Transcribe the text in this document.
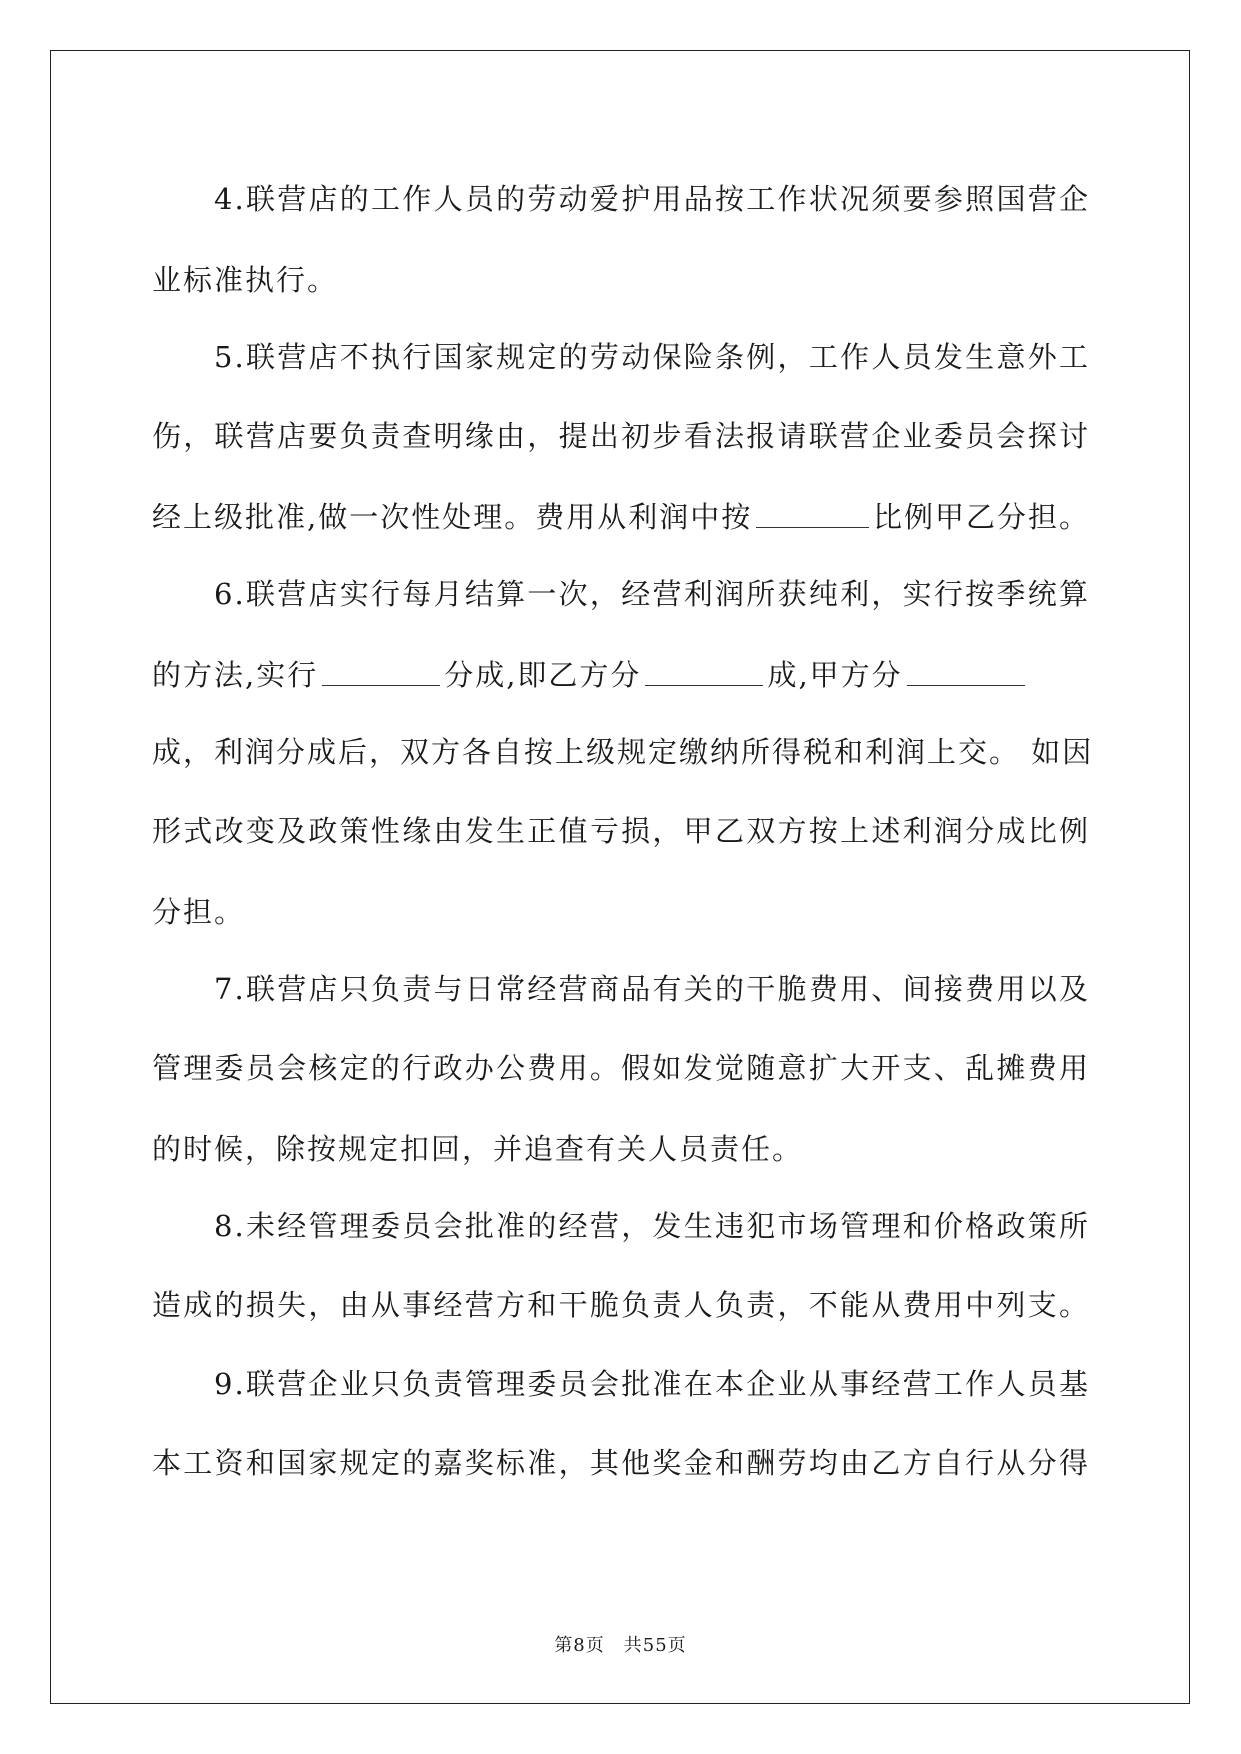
4.联营店的工作人员的劳动爱护用品按工作状况须要参照国营企
业标准执行。
5.联营店不执行国家规定的劳动保险条例，工作人员发生意外工
伤，联营店要负责查明缘由，提出初步看法报请联营企业委员会探讨
经上级批准,做一次性处理。费用从利润中按	比例甲乙分担。
6.联营店实行每月结算一次，经营利润所获纯利，实行按季统算
的方法,实行	分成,即乙方分	成,甲方分
成，利润分成后，双方各自按上级规定缴纳所得税和利润上交。 如因
形式改变及政策性缘由发生正值亏损，甲乙双方按上述利润分成比例
分担。
7.联营店只负责与日常经营商品有关的干脆费用、间接费用以及
管理委员会核定的行政办公费用。假如发觉随意扩大开支、乱摊费用
的时候，除按规定扣回，并追查有关人员责任。
8.未经管理委员会批准的经营，发生违犯市场管理和价格政策所
造成的损失，由从事经营方和干脆负责人负责，不能从费用中列支。
9.联营企业只负责管理委员会批准在本企业从事经营工作人员基
本工资和国家规定的嘉奖标准，其他奖金和酬劳均由乙方自行从分得
第8页　共55页
